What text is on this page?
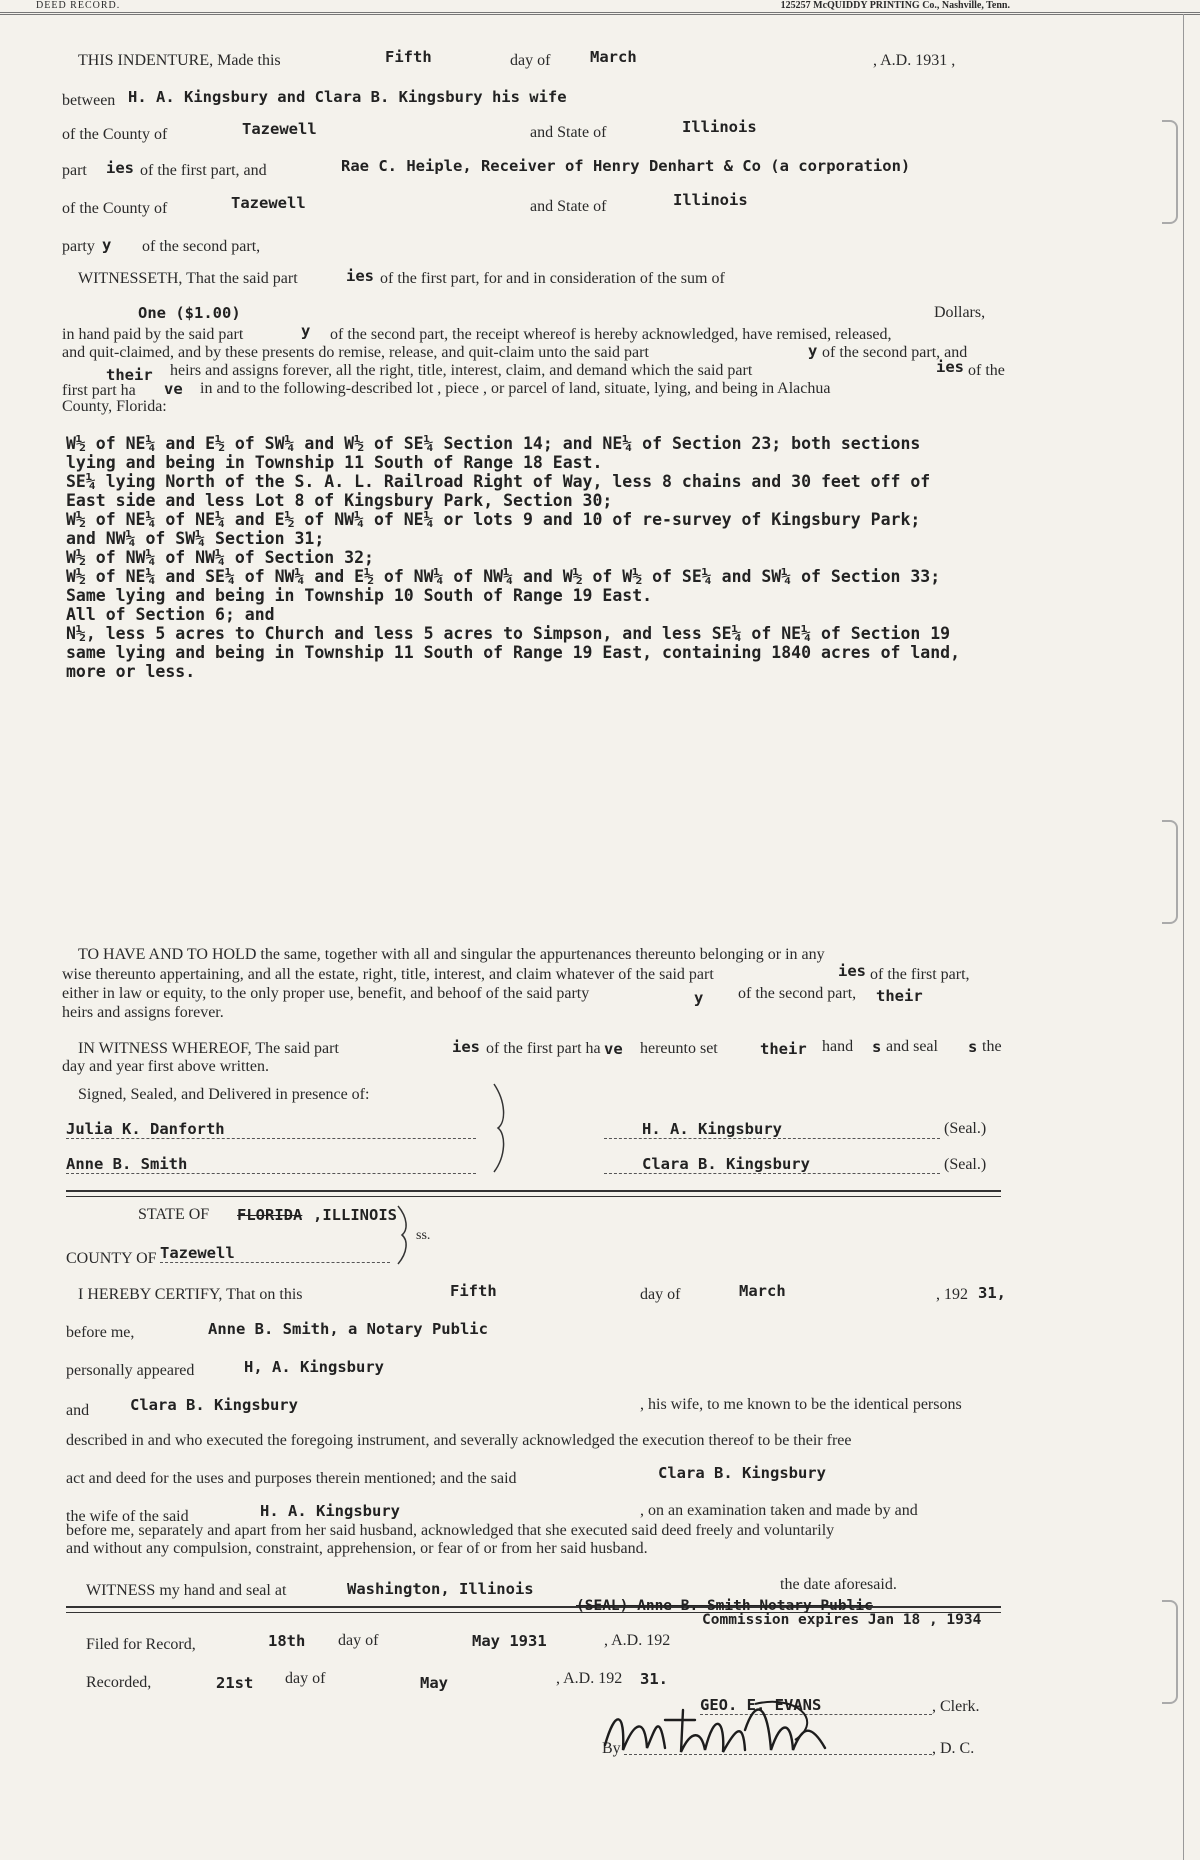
DEED RECORD.	125257 McQUIDDY PRINTING Co., Nashville, Tenn.
THIS INDENTURE, Made this	Fifth	day of	March	, A.D. 1931 ,
between H. A. Kingsbury and Clara B. Kingsbury his wife
of the County of	Tazewell	and State of	Illinois
part ies of the first part, and	Rae C. Heiple, Receiver of Henry Denhart & Co (a corporation)
of the County of	Tazewell	and State of	Illinois
party y of the second part,
WITNESSETH, That the said part	ies of the first part, for and in consideration of the sum of
One ($1.00)	Dollars,
in hand paid by the said part	y of the second part, the receipt whereof is hereby acknowledged, have remised, released,
and quit-claimed, and by these presents do remise, release, and quit-claim unto the said part	y of the second part, and
their heirs and assigns forever, all the right, title, interest, claim, and demand which the said part	ies of the
first part ha ve in and to the following-described lot , piece , or parcel of land, situate, lying, and being in Alachua
County, Florida:
W½ of NE¼ and E½ of SW¼ and W½ of SE¼ Section 14; and NE¼ of Section 23; both sections
lying and being in Township 11 South of Range 18 East.
SE¼ lying North of the S. A. L. Railroad Right of Way, less 8 chains and 30 feet off of
East side and less Lot 8 of Kingsbury Park, Section 30;
W½ of NE¼ of NE¼ and E½ of NW¼ of NE¼ or lots 9 and 10 of re-survey of Kingsbury Park;
and NW¼ of SW¼ Section 31;
W½ of NW¼ of NW¼ of Section 32;
W½ of NE¼ and SE¼ of NW¼ and E½ of NW¼ of NW¼ and W½ of W½ of SE¼ and SW¼ of Section 33;
Same lying and being in Township 10 South of Range 19 East.
All of Section 6; and
N½, less 5 acres to Church and less 5 acres to Simpson, and less SE¼ of NE¼ of Section 19
same lying and being in Township 11 South of Range 19 East, containing 1840 acres of land,
more or less.
TO HAVE AND TO HOLD the same, together with all and singular the appurtenances thereunto belonging or in any
wise thereunto appertaining, and all the estate, right, title, interest, and claim whatever of the said part	ies of the first part,
either in law or equity, to the only proper use, benefit, and behoof of the said party	y of the second part, their
heirs and assigns forever.
IN WITNESS WHEREOF, The said part	ies of the first part ha ve hereunto set	their hand s and seal s the
day and year first above written.
Signed, Sealed, and Delivered in presence of:
Julia K. Danforth
Anne B. Smith
H. A. Kingsbury	(Seal.)
Clara B. Kingsbury	(Seal.)
STATE OF FLORIDA ,ILLINOIS
ss.
COUNTY OF Tazewell
I HEREBY CERTIFY, That on this	Fifth	day of	March	, 192 31,
before me,	Anne B. Smith, a Notary Public
personally appeared	H, A. Kingsbury
and	Clara B. Kingsbury	, his wife, to me known to be the identical persons
described in and who executed the foregoing instrument, and severally acknowledged the execution thereof to be their free
act and deed for the uses and purposes therein mentioned; and the said	Clara B. Kingsbury
the wife of the said	H. A. Kingsbury	, on an examination taken and made by and
before me, separately and apart from her said husband, acknowledged that she executed said deed freely and voluntarily
and without any compulsion, constraint, apprehension, or fear of or from her said husband.
WITNESS my hand and seal at	Washington, Illinois	the date aforesaid.
(SEAL) Anne B. Smith Notary Public
Commission expires Jan 18 , 1934
Filed for Record,	18th day of	May 1931	, A.D. 192
Recorded,	21st day of	May	, A.D. 192 31.
GEO. E. EVANS	, Clerk.
By	, D. C.
